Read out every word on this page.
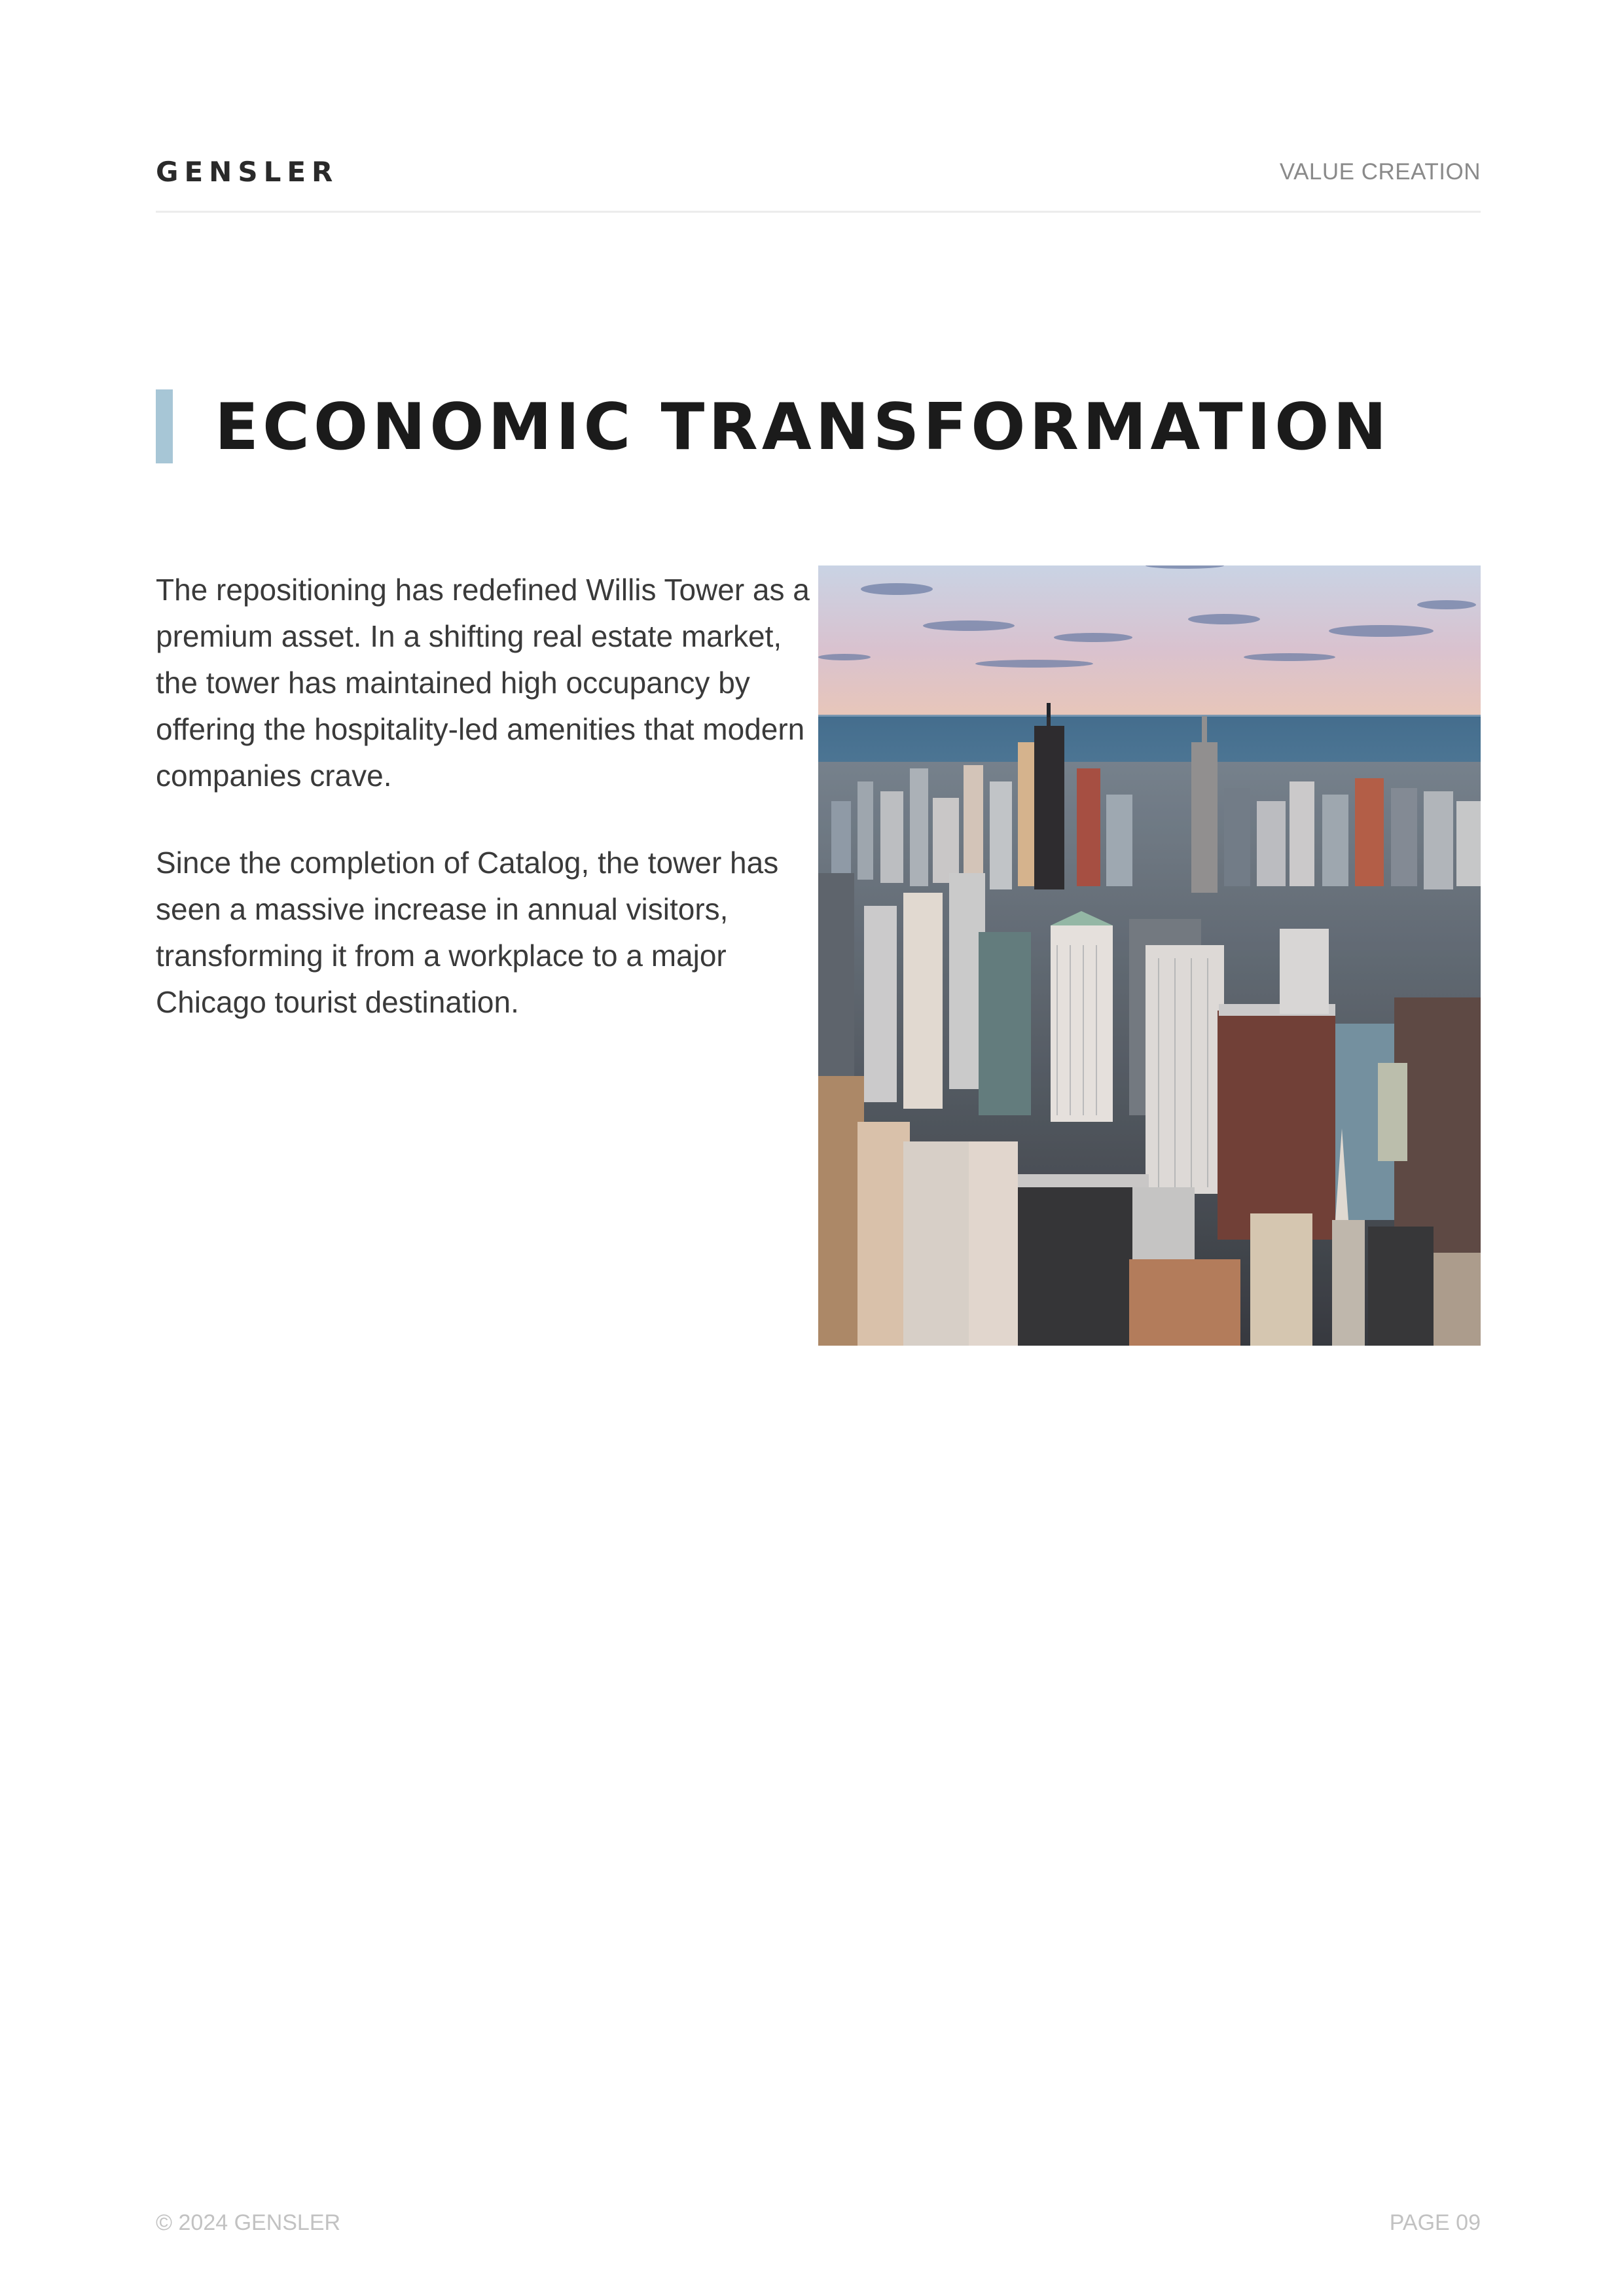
GENSLER	VALUE CREATION
ECONOMIC TRANSFORMATION

The repositioning has redefined Willis Tower as a premium asset. In a shifting real estate market, the tower has maintained high occupancy by offering the hospitality-led amenities that modern companies crave.

Since the completion of Catalog, the tower has seen a massive increase in annual visitors, transforming it from a workplace to a major Chicago tourist destination.

© 2024 GENSLER	PAGE 09
